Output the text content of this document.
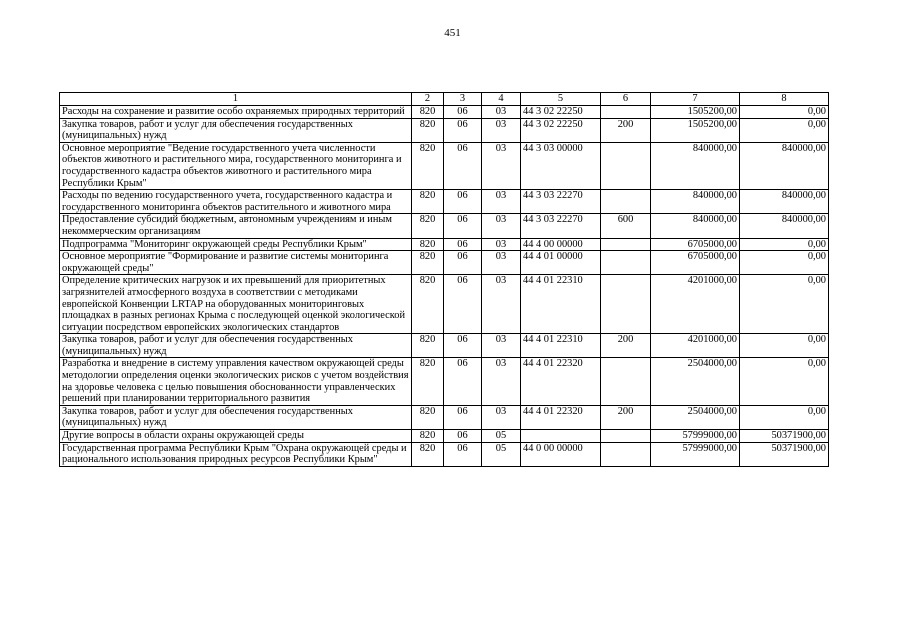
451
1	2	3	4	5	6	7	8
Расходы на сохранение и развитие особо охраняемых природных территорий	820	06	03	44 3 02 22250		1505200,00	0,00
Закупка товаров, работ и услуг для обеспечения государственных (муниципальных) нужд	820	06	03	44 3 02 22250	200	1505200,00	0,00
Основное мероприятие "Ведение государственного учета численности объектов животного и растительного мира, государственного мониторинга и государственного кадастра объектов животного и растительного мира Республики Крым"	820	06	03	44 3 03 00000		840000,00	840000,00
Расходы по ведению государственного учета, государственного кадастра и государственного мониторинга объектов растительного и животного мира	820	06	03	44 3 03 22270		840000,00	840000,00
Предоставление субсидий бюджетным, автономным учреждениям и иным некоммерческим организациям	820	06	03	44 3 03 22270	600	840000,00	840000,00
Подпрограмма "Мониторинг окружающей среды Республики Крым"	820	06	03	44 4 00 00000		6705000,00	0,00
Основное мероприятие "Формирование и развитие системы мониторинга окружающей среды"	820	06	03	44 4 01 00000		6705000,00	0,00
Определение критических нагрузок и их превышений для приоритетных загрязнителей атмосферного воздуха в соответствии с методиками европейской Конвенции LRTAP на оборудованных мониторинговых площадках в разных регионах Крыма с последующей оценкой экологической ситуации посредством европейских экологических стандартов	820	06	03	44 4 01 22310		4201000,00	0,00
Закупка товаров, работ и услуг для обеспечения государственных (муниципальных) нужд	820	06	03	44 4 01 22310	200	4201000,00	0,00
Разработка и внедрение в систему управления качеством окружающей среды методологии определения оценки экологических рисков с учетом воздействия на здоровье человека с целью повышения обоснованности управленческих решений при планировании территориального развития	820	06	03	44 4 01 22320		2504000,00	0,00
Закупка товаров, работ и услуг для обеспечения государственных (муниципальных) нужд	820	06	03	44 4 01 22320	200	2504000,00	0,00
Другие вопросы в области охраны окружающей среды	820	06	05			57999000,00	50371900,00
Государственная программа Республики Крым "Охрана окружающей среды и рационального использования природных ресурсов Республики Крым"	820	06	05	44 0 00 00000		57999000,00	50371900,00
